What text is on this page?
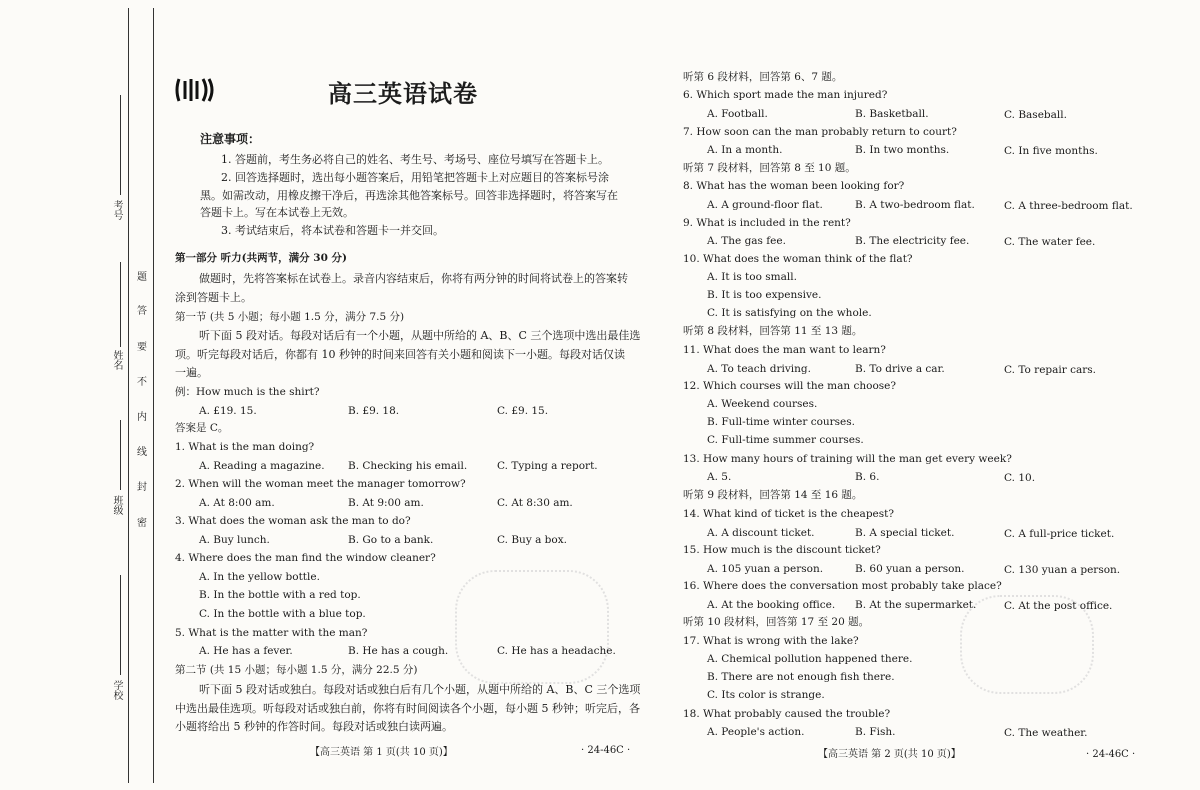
考号
姓名
班级
学校
题
答
要
不
内
线
封
密
高三英语试卷
注意事项：
1. 答题前，考生务必将自己的姓名、考生号、考场号、座位号填写在答题卡上。
2. 回答选择题时，选出每小题答案后，用铅笔把答题卡上对应题目的答案标号涂
黑。如需改动，用橡皮擦干净后，再选涂其他答案标号。回答非选择题时，将答案写在
答题卡上。写在本试卷上无效。
3. 考试结束后，将本试卷和答题卡一并交回。
第一部分 听力(共两节，满分 30 分)
做题时，先将答案标在试卷上。录音内容结束后，你将有两分钟的时间将试卷上的答案转
涂到答题卡上。
第一节 (共 5 小题；每小题 1.5 分，满分 7.5 分)
听下面 5 段对话。每段对话后有一个小题，从题中所给的 A、B、C 三个选项中选出最佳选
项。听完每段对话后，你都有 10 秒钟的时间来回答有关小题和阅读下一小题。每段对话仅读
一遍。
例：How much is the shirt?
A. £19. 15.	B. £9. 18.	C. £9. 15.
答案是 C。
1. What is the man doing?
A. Reading a magazine. B. Checking his email.	C. Typing a report.
2. When will the woman meet the manager tomorrow?
A. At 8:00 am.	B. At 9:00 am.	C. At 8:30 am.
3. What does the woman ask the man to do?
A. Buy lunch.	B. Go to a bank.	C. Buy a box.
4. Where does the man find the window cleaner?
A. In the yellow bottle.
B. In the bottle with a red top.
C. In the bottle with a blue top.
5. What is the matter with the man?
A. He has a fever.	B. He has a cough.	C. He has a headache.
第二节 (共 15 小题；每小题 1.5 分，满分 22.5 分)
听下面 5 段对话或独白。每段对话或独白后有几个小题，从题中所给的 A、B、C 三个选项
中选出最佳选项。听每段对话或独白前，你将有时间阅读各个小题，每小题 5 秒钟；听完后，各
小题将给出 5 秒钟的作答时间。每段对话或独白读两遍。
【高三英语 第 1 页(共 10 页)】	· 24-46C ·
听第 6 段材料，回答第 6、7 题。
6. Which sport made the man injured?
A. Football.	B. Basketball.	C. Baseball.
7. How soon can the man probably return to court?
A. In a month.	B. In two months.	C. In five months.
听第 7 段材料，回答第 8 至 10 题。
8. What has the woman been looking for?
A. A ground-floor flat.	B. A two-bedroom flat.	C. A three-bedroom flat.
9. What is included in the rent?
A. The gas fee.	B. The electricity fee.	C. The water fee.
10. What does the woman think of the flat?
A. It is too small.
B. It is too expensive.
C. It is satisfying on the whole.
听第 8 段材料，回答第 11 至 13 题。
11. What does the man want to learn?
A. To teach driving.	B. To drive a car.	C. To repair cars.
12. Which courses will the man choose?
A. Weekend courses.
B. Full-time winter courses.
C. Full-time summer courses.
13. How many hours of training will the man get every week?
A. 5.	B. 6.	C. 10.
听第 9 段材料，回答第 14 至 16 题。
14. What kind of ticket is the cheapest?
A. A discount ticket.	B. A special ticket.	C. A full-price ticket.
15. How much is the discount ticket?
A. 105 yuan a person.	B. 60 yuan a person.	C. 130 yuan a person.
16. Where does the conversation most probably take place?
A. At the booking office. B. At the supermarket.	C. At the post office.
听第 10 段材料，回答第 17 至 20 题。
17. What is wrong with the lake?
A. Chemical pollution happened there.
B. There are not enough fish there.
C. Its color is strange.
18. What probably caused the trouble?
A. People's action.	B. Fish.	C. The weather.
【高三英语 第 2 页(共 10 页)】	· 24-46C ·
